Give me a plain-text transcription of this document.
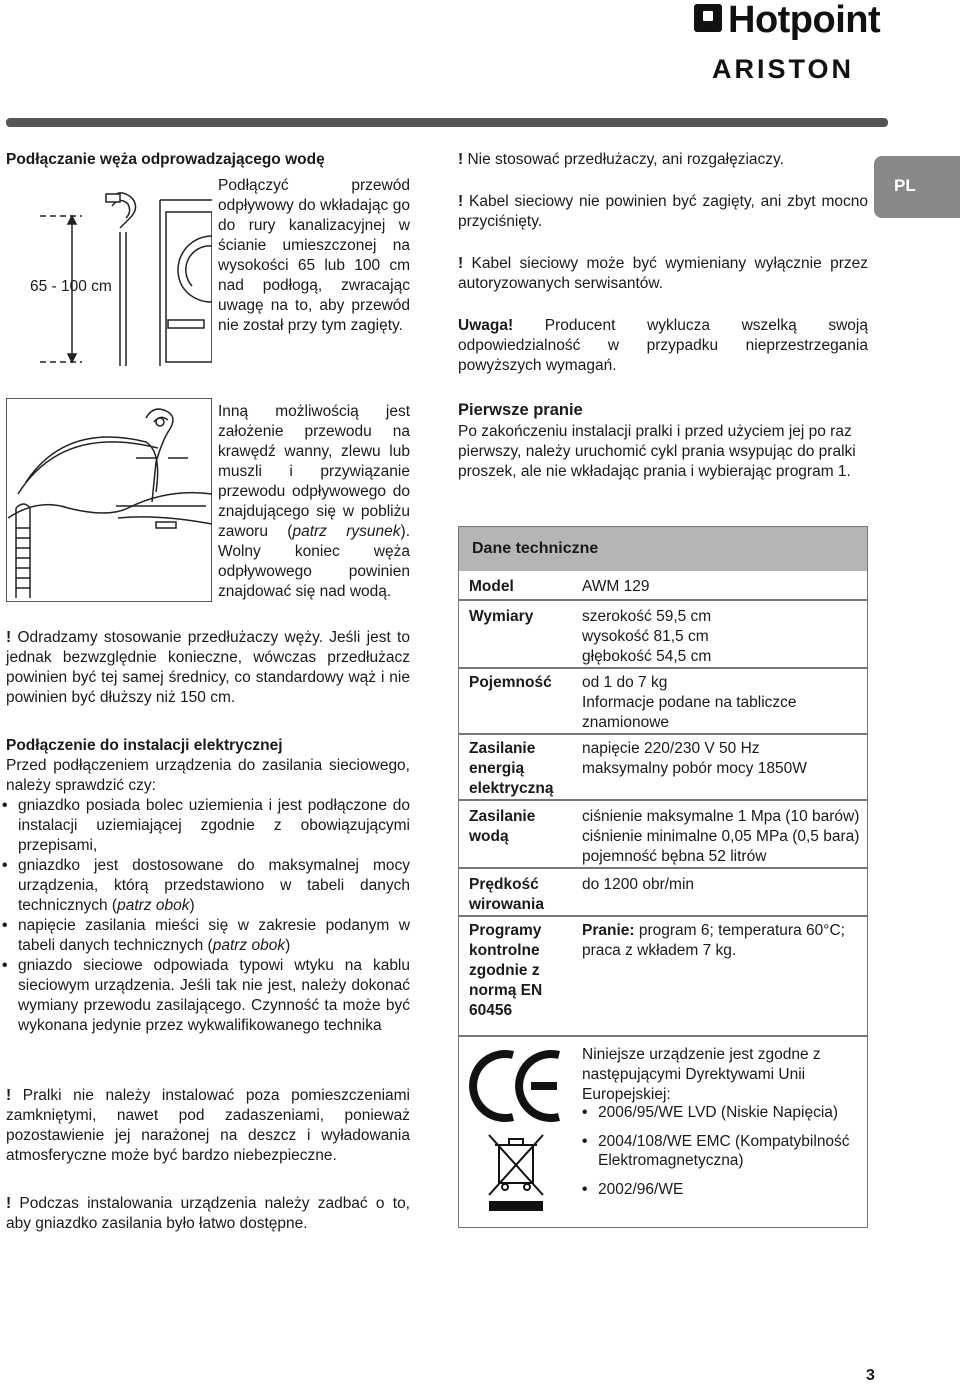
Hotpoint
ARISTON
PL
Podłączanie węża odprowadzającego wodę
65 - 100 cm
Podłączyć przewód odpływowy do wkładając go do rury kanalizacyjnej w ścianie umieszczonej na wysokości 65 lub 100 cm nad podłogą, zwracając uwagę na to, aby przewód nie został przy tym zagięty.
Inną możliwością jest założenie przewodu na krawędź wanny, zlewu lub muszli i przywiązanie przewodu odpływowego do znajdującego się w pobliżu zaworu (patrz rysunek). Wolny koniec węża odpływowego powinien znajdować się nad wodą.
! Odradzamy stosowanie przedłużaczy węży. Jeśli jest to jednak bezwzględnie konieczne, wówczas przedłużacz powinien być tej samej średnicy, co standardowy wąż i nie powinien być dłuższy niż 150 cm.
Podłączenie do instalacji elektrycznej
Przed podłączeniem urządzenia do zasilania sieciowego, należy sprawdzić czy:
• gniazdko posiada bolec uziemienia i jest podłączone do instalacji uziemiającej zgodnie z obowiązującymi przepisami,
• gniazdko jest dostosowane do maksymalnej mocy urządzenia, którą przedstawiono w tabeli danych technicznych (patrz obok)
• napięcie zasilania mieści się w zakresie podanym w tabeli danych technicznych (patrz obok)
• gniazdo sieciowe odpowiada typowi wtyku na kablu sieciowym urządzenia. Jeśli tak nie jest, należy dokonać wymiany przewodu zasilającego. Czynność ta może być wykonana jedynie przez wykwalifikowanego technika
! Pralki nie należy instalować poza pomieszczeniami zamkniętymi, nawet pod zadaszeniami, ponieważ pozostawienie jej narażonej na deszcz i wyładowania atmosferyczne może być bardzo niebezpieczne.
! Podczas instalowania urządzenia należy zadbać o to, aby gniazdko zasilania było łatwo dostępne.
! Nie stosować przedłużaczy, ani rozgałęziaczy.
! Kabel sieciowy nie powinien być zagięty, ani zbyt mocno przyciśnięty.
! Kabel sieciowy może być wymieniany wyłącznie przez autoryzowanych serwisantów.
Uwaga! Producent wyklucza wszelką swoją odpowiedzialność w przypadku nieprzestrzegania powyższych wymagań.
Pierwsze pranie
Po zakończeniu instalacji pralki i przed użyciem jej po raz pierwszy, należy uruchomić cykl prania wsypując do pralki proszek, ale nie wkładając prania i wybierając program 1.
Dane techniczne
Model	AWM 129
Wymiary	szerokość 59,5 cm
wysokość 81,5 cm
głębokość 54,5 cm
Pojemność od 1 do 7 kg
Informacje podane na tabliczce znamionowe
Zasilanie energią elektryczną
napięcie 220/230 V 50 Hz
maksymalny pobór mocy 1850W
Zasilanie wodą
ciśnienie maksymalne 1 Mpa (10 barów)
ciśnienie minimalne 0,05 MPa (0,5 bara)
pojemność bębna 52 litrów
Prędkość wirowania
do 1200 obr/min
Programy kontrolne zgodnie z normą EN 60456
Pranie: program 6; temperatura 60°C; praca z wkładem 7 kg.
Niniejsze urządzenie jest zgodne z następującymi Dyrektywami Unii Europejskiej:
• 2006/95/WE LVD (Niskie Napięcia)
• 2004/108/WE EMC (Kompatybilność Elektromagnetyczna)
• 2002/96/WE
3
